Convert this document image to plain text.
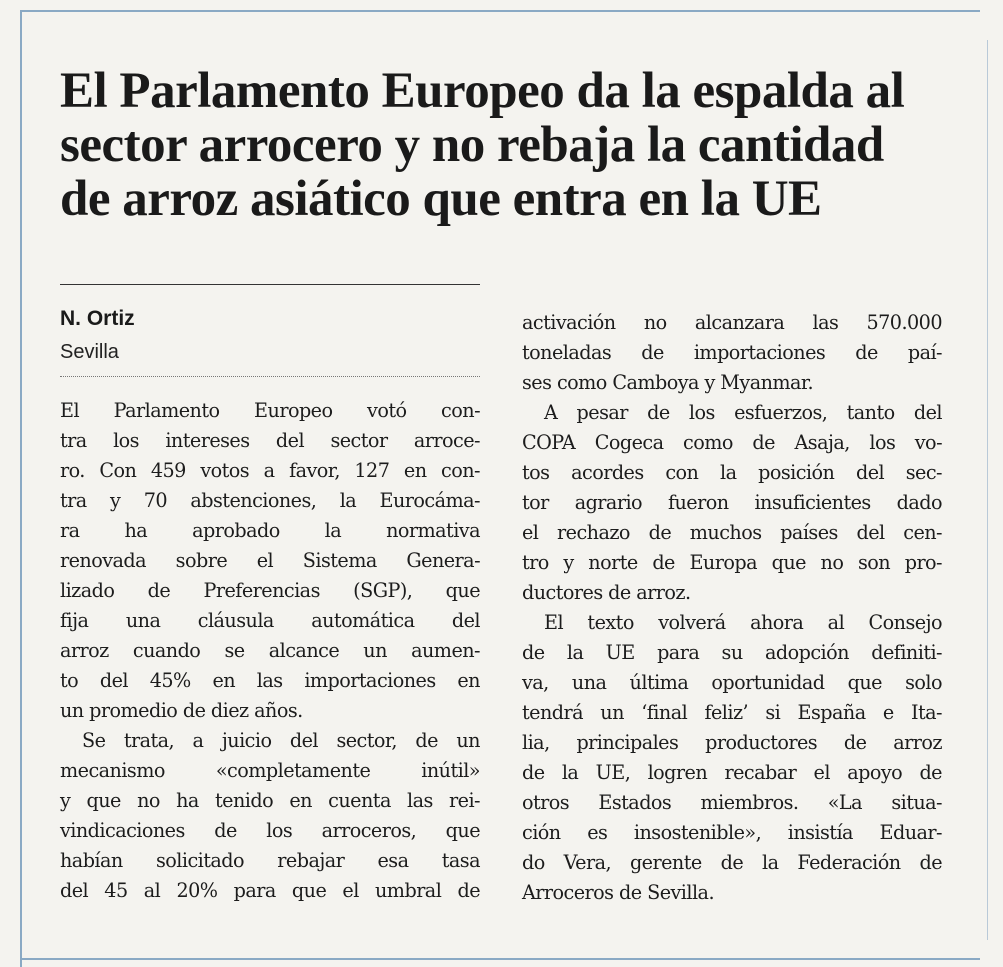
El Parlamento Europeo da la espalda al
sector arrocero y no rebaja la cantidad
de arroz asiático que entra en la UE
N. Ortiz
Sevilla
El Parlamento Europeo votó con-
tra los intereses del sector arroce-
ro. Con 459 votos a favor, 127 en con-
tra y 70 abstenciones, la Eurocáma-
ra ha aprobado la normativa
renovada sobre el Sistema Genera-
lizado de Preferencias (SGP), que
fija una cláusula automática del
arroz cuando se alcance un aumen-
to del 45% en las importaciones en
un promedio de diez años.
Se trata, a juicio del sector, de un
mecanismo «completamente inútil»
y que no ha tenido en cuenta las rei-
vindicaciones de los arroceros, que
habían solicitado rebajar esa tasa
del 45 al 20% para que el umbral de
activación no alcanzara las 570.000
toneladas de importaciones de paí-
ses como Camboya y Myanmar.
A pesar de los esfuerzos, tanto del
COPA Cogeca como de Asaja, los vo-
tos acordes con la posición del sec-
tor agrario fueron insuficientes dado
el rechazo de muchos países del cen-
tro y norte de Europa que no son pro-
ductores de arroz.
El texto volverá ahora al Consejo
de la UE para su adopción definiti-
va, una última oportunidad que solo
tendrá un ‘final feliz’ si España e Ita-
lia, principales productores de arroz
de la UE, logren recabar el apoyo de
otros Estados miembros. «La situa-
ción es insostenible», insistía Eduar-
do Vera, gerente de la Federación de
Arroceros de Sevilla.
